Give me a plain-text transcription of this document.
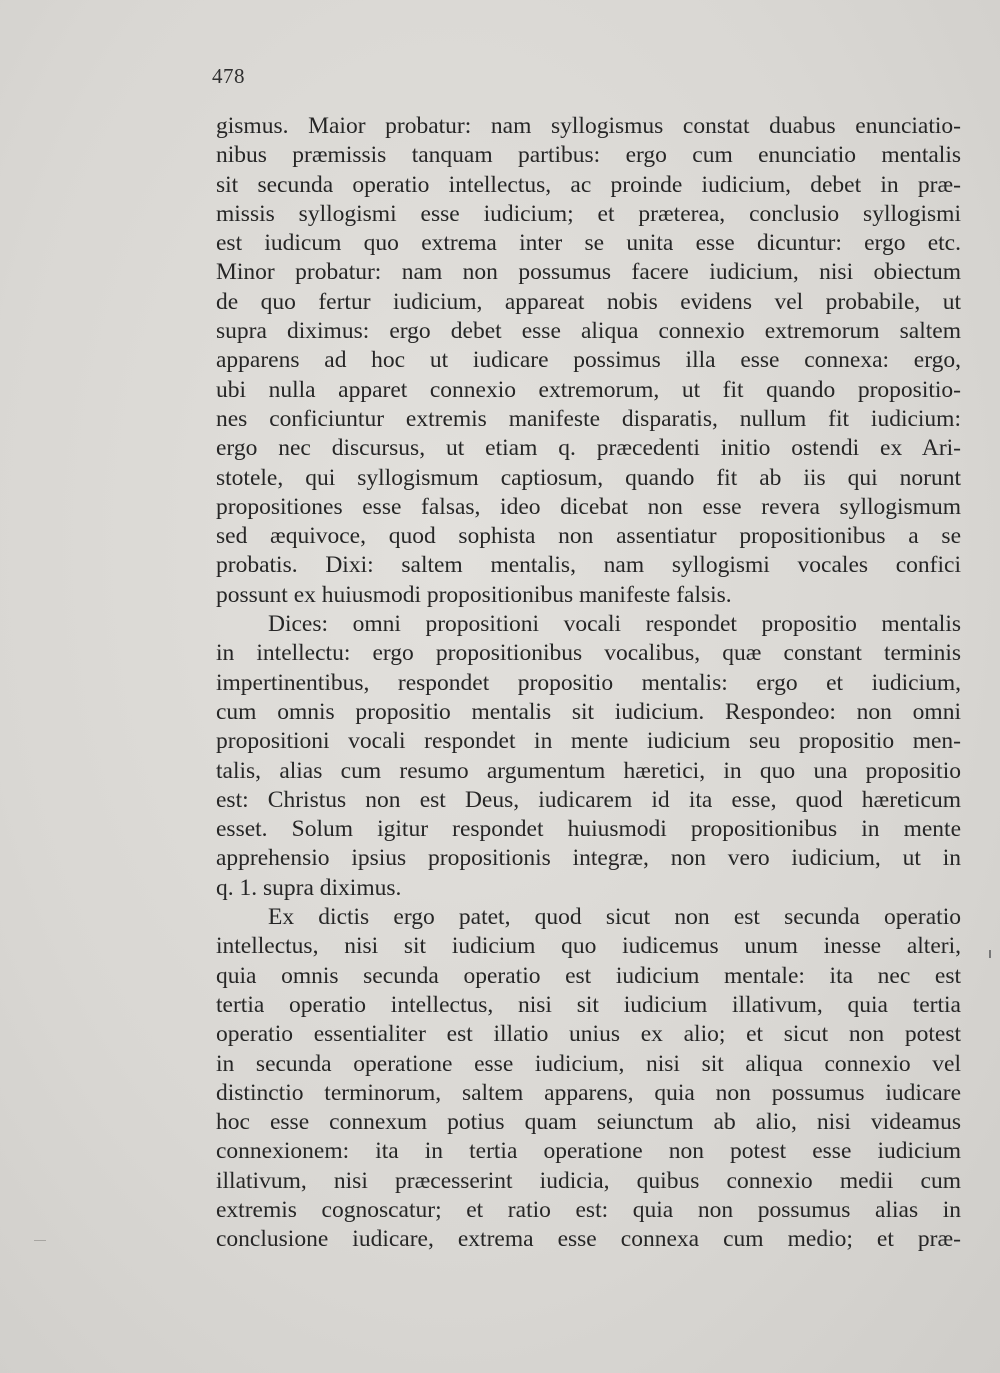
478
gismus. Maior probatur: nam syllogismus constat duabus enunciatio-
nibus præmissis tanquam partibus: ergo cum enunciatio mentalis
sit secunda operatio intellectus, ac proinde iudicium, debet in præ-
missis syllogismi esse iudicium; et præterea, conclusio syllogismi
est iudicum quo extrema inter se unita esse dicuntur: ergo etc.
Minor probatur: nam non possumus facere iudicium, nisi obiectum
de quo fertur iudicium, appareat nobis evidens vel probabile, ut
supra diximus: ergo debet esse aliqua connexio extremorum saltem
apparens ad hoc ut iudicare possimus illa esse connexa: ergo,
ubi nulla apparet connexio extremorum, ut fit quando propositio-
nes conficiuntur extremis manifeste disparatis, nullum fit iudicium:
ergo nec discursus, ut etiam q. præcedenti initio ostendi ex Ari-
stotele, qui syllogismum captiosum, quando fit ab iis qui norunt
propositiones esse falsas, ideo dicebat non esse revera syllogismum
sed æquivoce, quod sophista non assentiatur propositionibus a se
probatis. Dixi: saltem mentalis, nam syllogismi vocales confici
possunt ex huiusmodi propositionibus manifeste falsis.
Dices: omni propositioni vocali respondet propositio mentalis
in intellectu: ergo propositionibus vocalibus, quæ constant terminis
impertinentibus, respondet propositio mentalis: ergo et iudicium,
cum omnis propositio mentalis sit iudicium. Respondeo: non omni
propositioni vocali respondet in mente iudicium seu propositio men-
talis, alias cum resumo argumentum hæretici, in quo una propositio
est: Christus non est Deus, iudicarem id ita esse, quod hæreticum
esset. Solum igitur respondet huiusmodi propositionibus in mente
apprehensio ipsius propositionis integræ, non vero iudicium, ut in
q. 1. supra diximus.
Ex dictis ergo patet, quod sicut non est secunda operatio
intellectus, nisi sit iudicium quo iudicemus unum inesse alteri,
quia omnis secunda operatio est iudicium mentale: ita nec est
tertia operatio intellectus, nisi sit iudicium illativum, quia tertia
operatio essentialiter est illatio unius ex alio; et sicut non potest
in secunda operatione esse iudicium, nisi sit aliqua connexio vel
distinctio terminorum, saltem apparens, quia non possumus iudicare
hoc esse connexum potius quam seiunctum ab alio, nisi videamus
connexionem: ita in tertia operatione non potest esse iudicium
illativum, nisi præcesserint iudicia, quibus connexio medii cum
extremis cognoscatur; et ratio est: quia non possumus alias in
conclusione iudicare, extrema esse connexa cum medio; et præ-
